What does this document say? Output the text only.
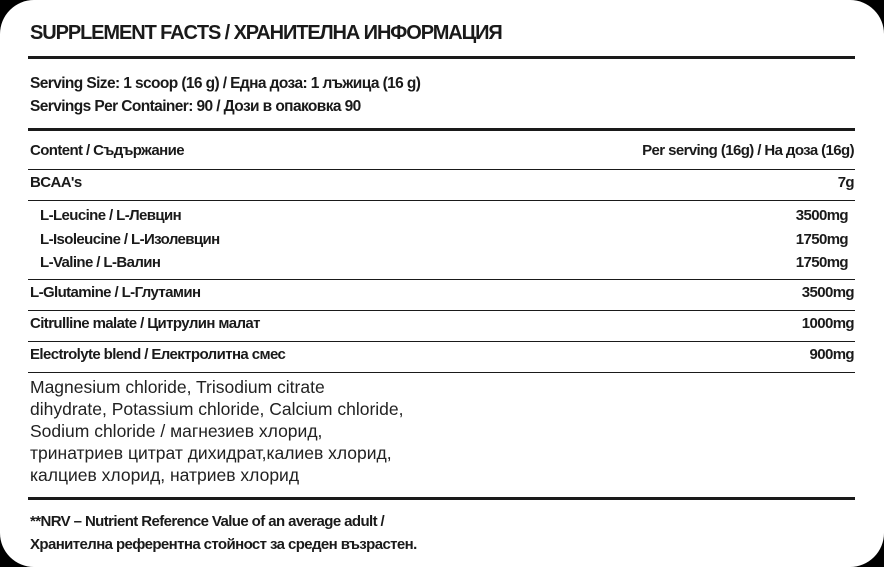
SUPPLEMENT FACTS / ХРАНИТЕЛНА ИНФОРМАЦИЯ
Serving Size: 1 scoop (16 g) / Една доза: 1 лъжица (16 g)
Servings Per Container: 90 / Дози в опаковка 90
Content / Съдържание	Per serving (16g) / На доза (16g)
BCAA's	7g
L-Leucine / L-Левцин	3500mg
L-Isoleucine / L-Изолевцин	1750mg
L-Valine / L-Валин	1750mg
L-Glutamine / L-Глутамин	3500mg
Citrulline malate / Цитрулин малат	1000mg
Electrolyte blend / Електролитна смес	900mg
Magnesium chloride, Trisodium citrate
dihydrate, Potassium chloride, Calcium chloride,
Sodium chloride / магнезиев хлорид,
тринатриев цитрат дихидрат,калиев хлорид,
калциев хлорид, натриев хлорид
**NRV – Nutrient Reference Value of an average adult /
Хранителна референтна стойност за среден възрастен.
